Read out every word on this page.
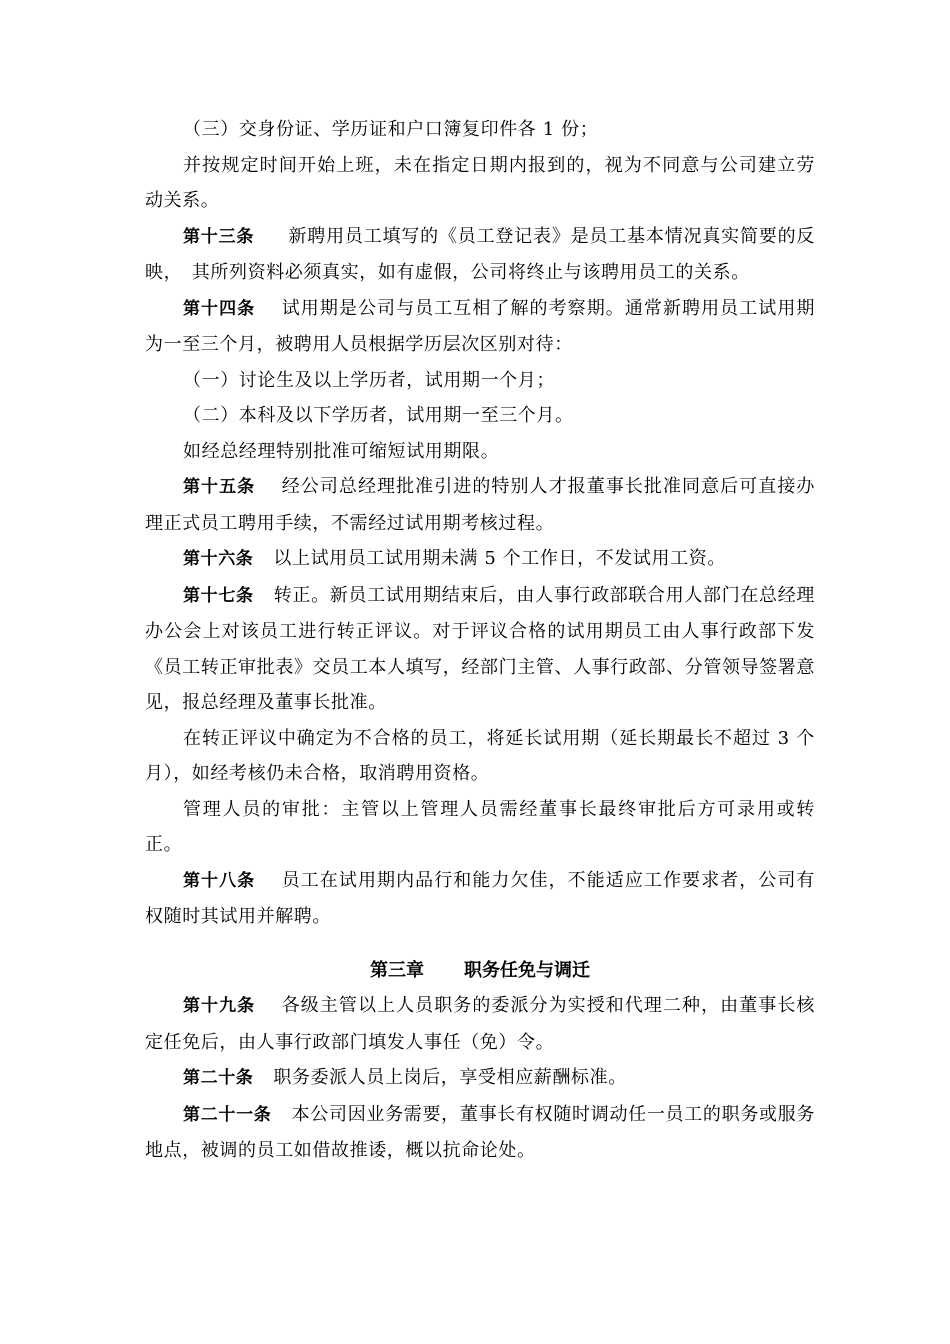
（三）交身份证、学历证和户口簿复印件各 1 份；

并按规定时间开始上班，未在指定日期内报到的，视为不同意与公司建立劳动关系。

第十三条 新聘用员工填写的《员工登记表》是员工基本情况真实简要的反映，　其所列资料必须真实，如有虚假，公司将终止与该聘用员工的关系。

第十四条 试用期是公司与员工互相了解的考察期。通常新聘用员工试用期为一至三个月，被聘用人员根据学历层次区别对待：

（一）讨论生及以上学历者，试用期一个月；

（二）本科及以下学历者，试用期一至三个月。

如经总经理特别批准可缩短试用期限。

第十五条 经公司总经理批准引进的特别人才报董事长批准同意后可直接办理正式员工聘用手续，不需经过试用期考核过程。

第十六条 以上试用员工试用期未满 5 个工作日，不发试用工资。

第十七条 转正。新员工试用期结束后，由人事行政部联合用人部门在总经理办公会上对该员工进行转正评议。对于评议合格的试用期员工由人事行政部下发《员工转正审批表》交员工本人填写，经部门主管、人事行政部、分管领导签署意见，报总经理及董事长批准。

在转正评议中确定为不合格的员工，将延长试用期（延长期最长不超过 3 个月），如经考核仍未合格，取消聘用资格。

管理人员的审批：主管以上管理人员需经董事长最终审批后方可录用或转正。

第十八条 员工在试用期内品行和能力欠佳，不能适应工作要求者，公司有权随时其试用并解聘。

第三章 职务任免与调迁

第十九条 各级主管以上人员职务的委派分为实授和代理二种，由董事长核定任免后，由人事行政部门填发人事任（免）令。

第二十条 职务委派人员上岗后，享受相应薪酬标准。

第二十一条 本公司因业务需要，董事长有权随时调动任一员工的职务或服务地点，被调的员工如借故推诿，概以抗命论处。
